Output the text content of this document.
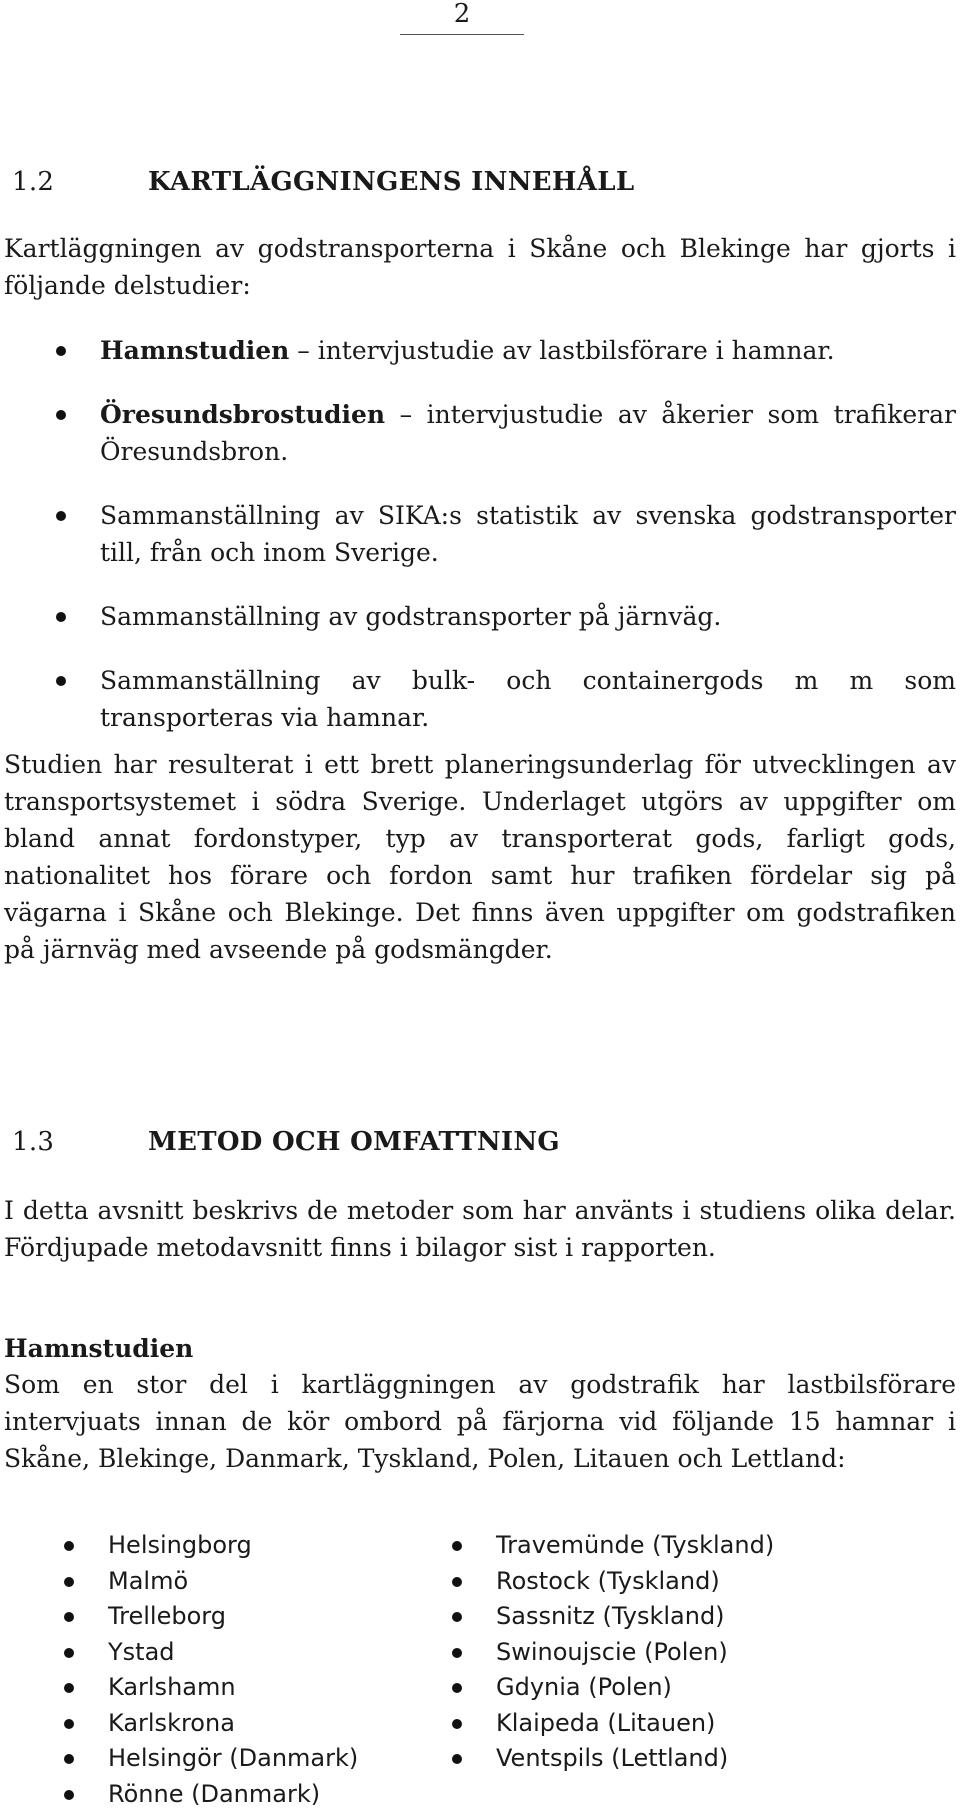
2
1.2	KARTLÄGGNINGENS INNEHÅLL

Kartläggningen av godstransporterna i Skåne och Blekinge har gjorts i följande delstudier:

Hamnstudien – intervjustudie av lastbilsförare i hamnar.
Öresundsbrostudien – intervjustudie av åkerier som trafikerar Öresundsbron.
Sammanställning av SIKA:s statistik av svenska godstransporter till, från och inom Sverige.
Sammanställning av godstransporter på järnväg.
Sammanställning av bulk- och containergods m m som transporteras via hamnar.

Studien har resulterat i ett brett planeringsunderlag för utvecklingen av transportsystemet i södra Sverige. Underlaget utgörs av uppgifter om bland annat fordonstyper, typ av transporterat gods, farligt gods, nationalitet hos förare och fordon samt hur trafiken fördelar sig på vägarna i Skåne och Blekinge. Det finns även uppgifter om godstrafiken på järnväg med avseende på godsmängder.

1.3	METOD OCH OMFATTNING

I detta avsnitt beskrivs de metoder som har använts i studiens olika delar. Fördjupade metodavsnitt finns i bilagor sist i rapporten.

Hamnstudien

Som en stor del i kartläggningen av godstrafik har lastbilsförare intervjuats innan de kör ombord på färjorna vid följande 15 hamnar i Skåne, Blekinge, Danmark, Tyskland, Polen, Litauen och Lettland:

Helsingborg
Malmö
Trelleborg
Ystad
Karlshamn
Karlskrona
Helsingör (Danmark)
Rönne (Danmark)
Travemünde (Tyskland)
Rostock (Tyskland)
Sassnitz (Tyskland)
Swinoujscie (Polen)
Gdynia (Polen)
Klaipeda (Litauen)
Ventspils (Lettland)
